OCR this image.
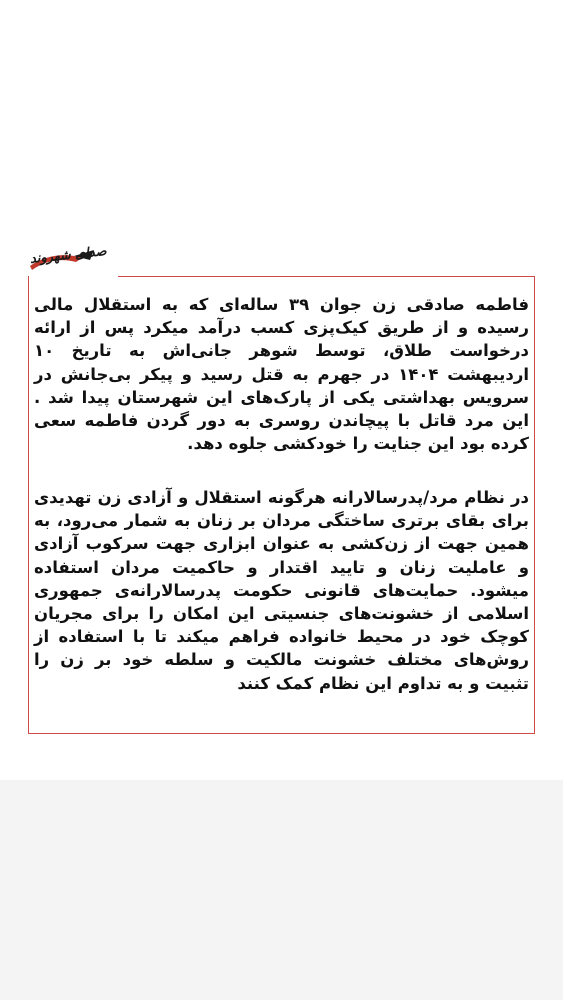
صدای شهروند

فاطمه صادقی زن جوان ۳۹ ساله‌ای که به استقلال مالی رسیده و از طریق کیک‌پزی کسب درآمد میکرد پس از ارائه درخواست طلاق، توسط شوهر جانی‌اش به تاریخ ۱۰ اردیبهشت ۱۴۰۴ در جهرم به قتل رسید و پیکر بی‌جانش در سرویس بهداشتی یکی از پارک‌های این شهرستان پیدا شد . این مرد قاتل با پیچاندن روسری به دور گردن فاطمه سعی کرده بود این جنایت را خودکشی جلوه دهد.

در نظام مرد/پدرسالارانه هرگونه استقلال و آزادی زن تهدیدی برای بقای برتری ساختگی مردان بر زنان به شمار می‌رود، به همین جهت از زن‌کشی به عنوان ابزاری جهت سرکوب آزادی و عاملیت زنان و تایید اقتدار و حاکمیت مردان استفاده میشود. حمایت‌های قانونی حکومت پدرسالارانه‌ی جمهوری اسلامی از خشونت‌های جنسیتی این امکان را برای مجریان کوچک خود در محیط خانواده فراهم میکند تا با استفاده از روش‌های مختلف خشونت مالکیت و سلطه خود بر زن را تثبیت و به تداوم این نظام کمک کنند
